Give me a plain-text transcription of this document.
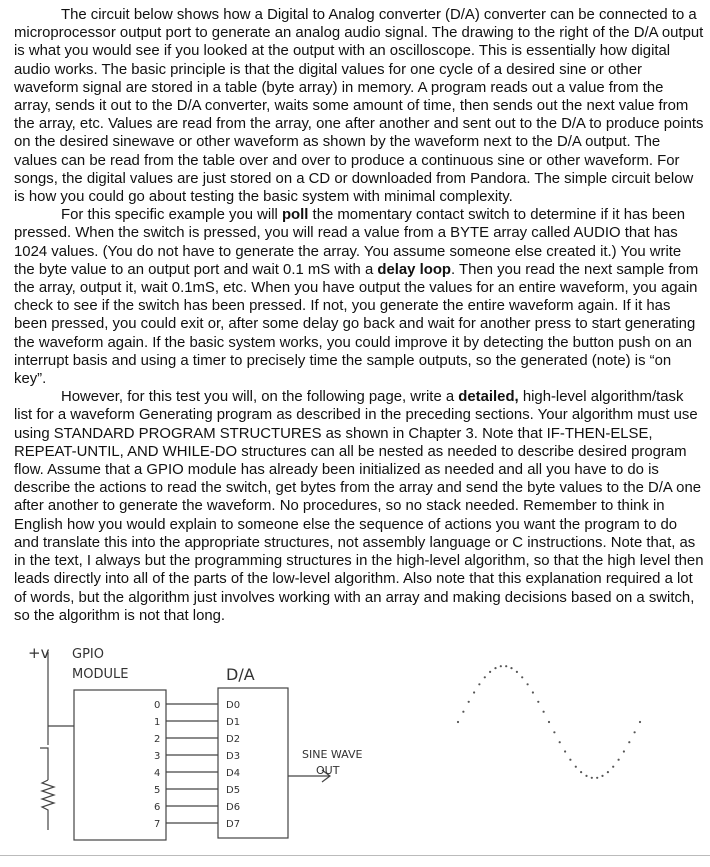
The circuit below shows how a Digital to Analog converter (D/A) converter can be connected to a microprocessor output port to generate an analog audio signal. The drawing to the right of the D/A output is what you would see if you looked at the output with an oscilloscope. This is essentially how digital audio works. The basic principle is that the digital values for one cycle of a desired sine or other waveform signal are stored in a table (byte array) in memory. A program reads out a value from the array, sends it out to the D/A converter, waits some amount of time, then sends out the next value from the array, etc. Values are read from the array, one after another and sent out to the D/A to produce points on the desired sinewave or other waveform as shown by the waveform next to the D/A output. The values can be read from the table over and over to produce a continuous sine or other waveform. For songs, the digital values are just stored on a CD or downloaded from Pandora. The simple circuit below is how you could go about testing the basic system with minimal complexity.

For this specific example you will poll the momentary contact switch to determine if it has been pressed. When the switch is pressed, you will read a value from a BYTE array called AUDIO that has 1024 values. (You do not have to generate the array. You assume someone else created it.) You write the byte value to an output port and wait 0.1 mS with a delay loop. Then you read the next sample from the array, output it, wait 0.1mS, etc. When you have output the values for an entire waveform, you again check to see if the switch has been pressed. If not, you generate the entire waveform again. If it has been pressed, you could exit or, after some delay go back and wait for another press to start generating the waveform again. If the basic system works, you could improve it by detecting the button push on an interrupt basis and using a timer to precisely time the sample outputs, so the generated (note) is “on key”.

However, for this test you will, on the following page, write a detailed, high-level algorithm/task list for a waveform Generating program as described in the preceding sections. Your algorithm must use using STANDARD PROGRAM STRUCTURES as shown in Chapter 3. Note that IF-THEN-ELSE, REPEAT-UNTIL, AND WHILE-DO structures can all be nested as needed to describe desired program flow. Assume that a GPIO module has already been initialized as needed and all you have to do is describe the actions to read the switch, get bytes from the array and send the byte values to the D/A one after another to generate the waveform. No procedures, so no stack needed. Remember to think in English how you would explain to someone else the sequence of actions you want the program to do and translate this into the appropriate structures, not assembly language or C instructions. Note that, as in the text, I always but the programming structures in the high-level algorithm, so that the high level then leads directly into all of the parts of the low-level algorithm. Also note that this explanation required a lot of words, but the algorithm just involves working with an array and making decisions based on a switch, so the algorithm is not that long.

+v GPIO
MODULE	D/A
0
1
2
3
4
5
6
7
D0
D1
D2
D3
D4
D5
D6
D7
SINE WAVE
OUT
